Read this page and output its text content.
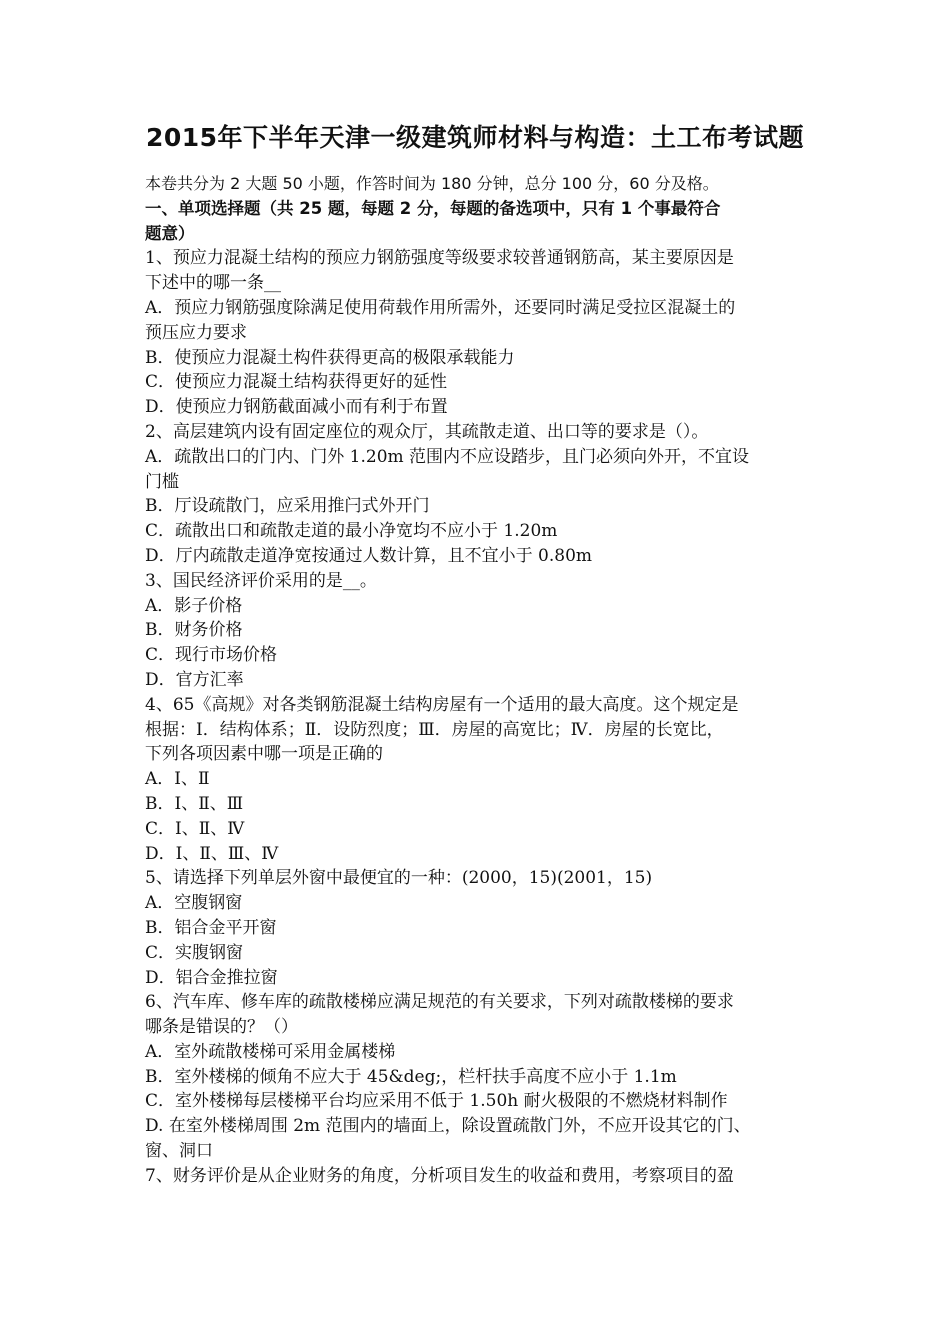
2015年下半年天津一级建筑师材料与构造：土工布考试题
本卷共分为 2 大题 50 小题，作答时间为 180 分钟，总分 100 分，60 分及格。
一、单项选择题（共 25 题，每题 2 分，每题的备选项中，只有 1 个事最符合
题意）
1、预应力混凝土结构的预应力钢筋强度等级要求较普通钢筋高，某主要原因是
下述中的哪一条__
A．预应力钢筋强度除满足使用荷载作用所需外，还要同时满足受拉区混凝土的
预压应力要求
B．使预应力混凝土构件获得更高的极限承载能力
C．使预应力混凝土结构获得更好的延性
D．使预应力钢筋截面减小而有利于布置
2、高层建筑内设有固定座位的观众厅，其疏散走道、出口等的要求是（）。
A．疏散出口的门内、门外 1.20m 范围内不应设踏步，且门必须向外开，不宜设
门槛
B．厅设疏散门，应采用推闩式外开门
C．疏散出口和疏散走道的最小净宽均不应小于 1.20m
D．厅内疏散走道净宽按通过人数计算，且不宜小于 0.80m
3、国民经济评价采用的是__。
A．影子价格
B．财务价格
C．现行市场价格
D．官方汇率
4、65《高规》对各类钢筋混凝土结构房屋有一个适用的最大高度。这个规定是
根据：Ⅰ．结构体系；Ⅱ．设防烈度；Ⅲ．房屋的高宽比；Ⅳ．房屋的长宽比，
下列各项因素中哪一项是正确的
A．Ⅰ、Ⅱ
B．Ⅰ、Ⅱ、Ⅲ
C．Ⅰ、Ⅱ、Ⅳ
D．Ⅰ、Ⅱ、Ⅲ、Ⅳ
5、请选择下列单层外窗中最便宜的一种：(2000，15)(2001，15)
A．空腹钢窗
B．铝合金平开窗
C．实腹钢窗
D．铝合金推拉窗
6、汽车库、修车库的疏散楼梯应满足规范的有关要求，下列对疏散楼梯的要求
哪条是错误的？（）
A．室外疏散楼梯可采用金属楼梯
B．室外楼梯的倾角不应大于 45&deg;，栏杆扶手高度不应小于 1.1m
C．室外楼梯每层楼梯平台均应采用不低于 1.50h 耐火极限的不燃烧材料制作
D. 在室外楼梯周围 2m 范围内的墙面上，除设置疏散门外，不应开设其它的门、
窗、洞口
7、财务评价是从企业财务的角度，分析项目发生的收益和费用，考察项目的盈
